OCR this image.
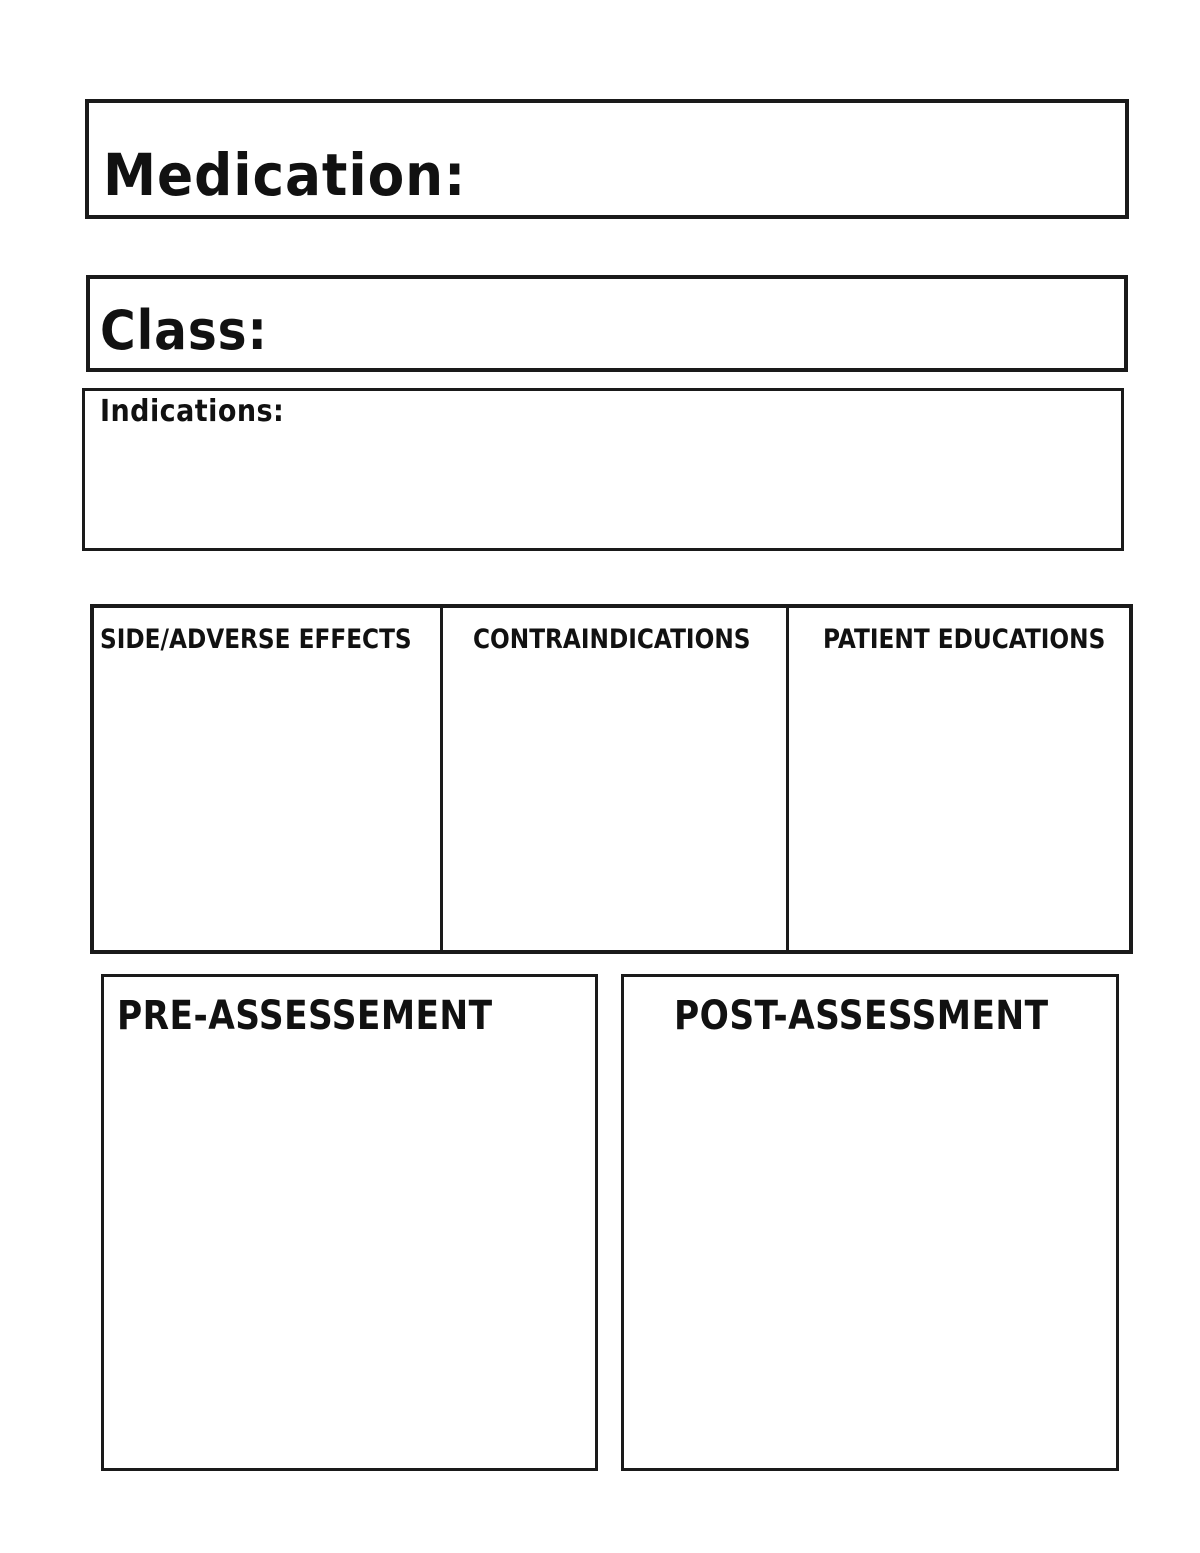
Medication:
Class:
Indications:
SIDE/ADVERSE EFFECTS CONTRAINDICATIONS	PATIENT EDUCATIONS
PRE-ASSESSEMENT	POST-ASSESSMENT
